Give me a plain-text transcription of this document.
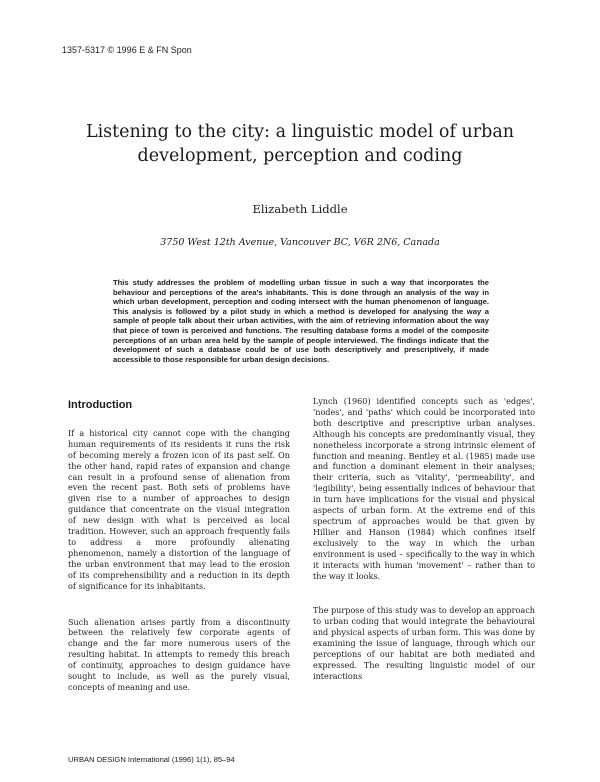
1357-5317 © 1996 E & FN Spon
Listening to the city: a linguistic model of urban
development, perception and coding
Elizabeth Liddle
3750 West 12th Avenue, Vancouver BC, V6R 2N6, Canada
This study addresses the problem of modelling urban tissue in such a way that incorporates the behaviour and perceptions of the area's inhabitants. This is done through an analysis of the way in which urban development, perception and coding intersect with the human phenomenon of language. This analysis is followed by a pilot study in which a method is developed for analysing the way a sample of people talk about their urban activities, with the aim of retrieving information about the way that piece of town is perceived and functions. The resulting database forms a model of the composite perceptions of an urban area held by the sample of people interviewed. The findings indicate that the development of such a database could be of use both descriptively and prescriptively, if made accessible to those responsible for urban design decisions.
Introduction

If a historical city cannot cope with the changing human requirements of its residents it runs the risk of becoming merely a frozen icon of its past self. On the other hand, rapid rates of expansion and change can result in a profound sense of alienation from even the recent past. Both sets of problems have given rise to a number of approaches to design guidance that concentrate on the visual integration of new design with what is perceived as local tradition. However, such an approach frequently fails to address a more profoundly alienating phenomenon, namely a distortion of the language of the urban environment that may lead to the erosion of its comprehensibility and a reduction in its depth of significance for its inhabitants.

Such alienation arises partly from a discontinuity between the relatively few corporate agents of change and the far more numerous users of the resulting habitat. In attempts to remedy this breach of continuity, approaches to design guidance have sought to include, as well as the purely visual, concepts of meaning and use.

Lynch (1960) identified concepts such as 'edges', 'nodes', and 'paths' which could be incorporated into both descriptive and prescriptive urban analyses. Although his concepts are predominantly visual, they nonetheless incorporate a strong intrinsic element of function and meaning. Bentley et al. (1985) made use and function a dominant element in their analyses; their criteria, such as 'vitality', 'permeability', and 'legibility', being essentially indices of behaviour that in turn have implications for the visual and physical aspects of urban form. At the extreme end of this spectrum of approaches would be that given by Hillier and Hanson (1984) which confines itself exclusively to the way in which the urban environment is used – specifically to the way in which it interacts with human 'movement' – rather than to the way it looks.

The purpose of this study was to develop an approach to urban coding that would integrate the behavioural and physical aspects of urban form. This was done by examining the issue of language, through which our perceptions of our habitat are both mediated and expressed. The resulting linguistic model of our interactions

URBAN DESIGN International (1996) 1(1), 85–94
